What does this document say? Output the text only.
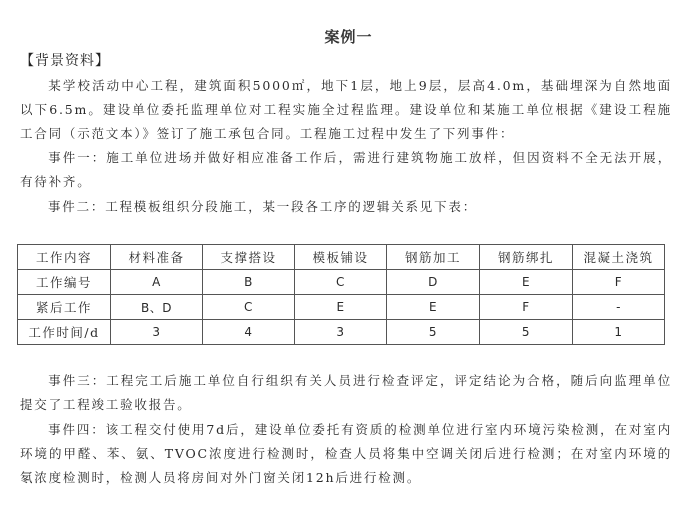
案例一
【背景资料】
某学校活动中心工程，建筑面积5000㎡，地下1层，地上9层，层高4.0m，基础埋深为自然地面以下6.5m。建设单位委托监理单位对工程实施全过程监理。建设单位和某施工单位根据《建设工程施工合同（示范文本）》签订了施工承包合同。工程施工过程中发生了下列事件：
事件一：施工单位进场并做好相应准备工作后，需进行建筑物施工放样，但因资料不全无法开展，有待补齐。
事件二：工程模板组织分段施工，某一段各工序的逻辑关系见下表：
工作内容	材料准备	支撑搭设	模板铺设	钢筋加工	钢筋绑扎	混凝土浇筑
工作编号	A	B	C	D	E	F
紧后工作	B、D	C	E	E	F	-
工作时间/d	3	4	3	5	5	1
事件三：工程完工后施工单位自行组织有关人员进行检查评定，评定结论为合格，随后向监理单位提交了工程竣工验收报告。
事件四：该工程交付使用7d后，建设单位委托有资质的检测单位进行室内环境污染检测，在对室内环境的甲醛、苯、氨、TVOC浓度进行检测时，检查人员将集中空调关闭后进行检测；在对室内环境的氡浓度检测时，检测人员将房间对外门窗关闭12h后进行检测。
